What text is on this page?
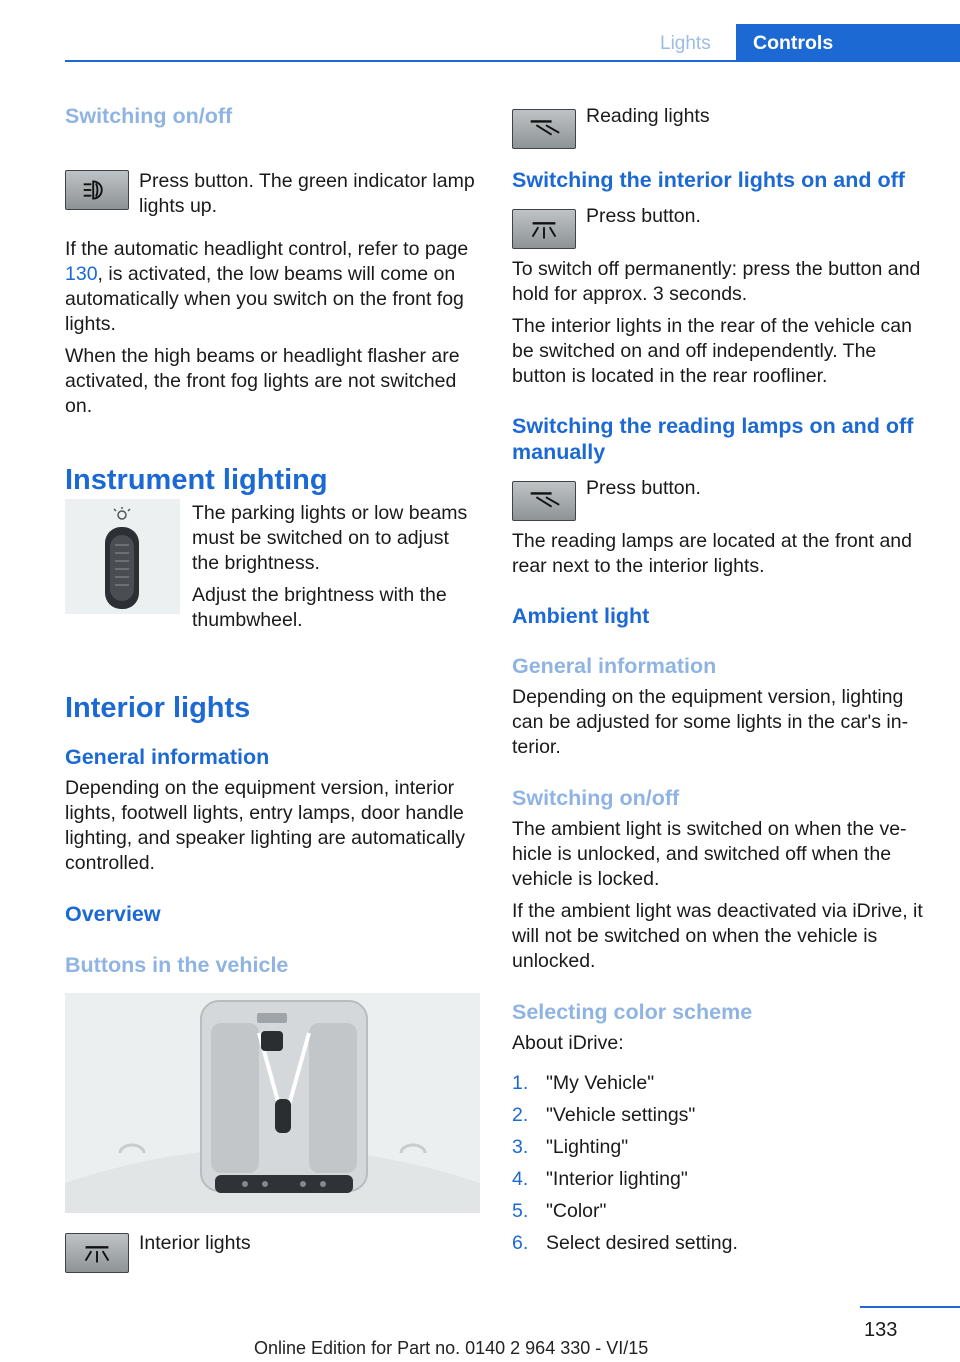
Lights	Controls
Switching on/off

Press button. The green indicator lamp lights up.

If the automatic headlight control, refer to page 130, is activated, the low beams will come on automatically when you switch on the front fog lights.

When the high beams or headlight flasher are activated, the front fog lights are not switched on.

Instrument lighting

The parking lights or low beams must be switched on to adjust the brightness.

Adjust the brightness with the thumbwheel.

Interior lights
General information

Depending on the equipment version, interior lights, footwell lights, entry lamps, door handle lighting, and speaker lighting are automatically controlled.

Overview
Buttons in the vehicle

Interior lights

Reading lights

Switching the interior lights on and off

Press button.

To switch off permanently: press the button and hold for approx. 3 seconds.

The interior lights in the rear of the vehicle can be switched on and off independently. The button is located in the rear roofliner.

Switching the reading lamps on and off manually

Press button.

The reading lamps are located at the front and rear next to the interior lights.

Ambient light
General information

Depending on the equipment version, lighting can be adjusted for some lights in the car's in-terior.

Switching on/off

The ambient light is switched on when the ve-hicle is unlocked, and switched off when the vehicle is locked.

If the ambient light was deactivated via iDrive, it will not be switched on when the vehicle is unlocked.

Selecting color scheme

About iDrive:

1. "My Vehicle"
2. "Vehicle settings"
3. "Lighting"
4. "Interior lighting"
5. "Color"
6. Select desired setting.
133
Online Edition for Part no. 0140 2 964 330 - VI/15
